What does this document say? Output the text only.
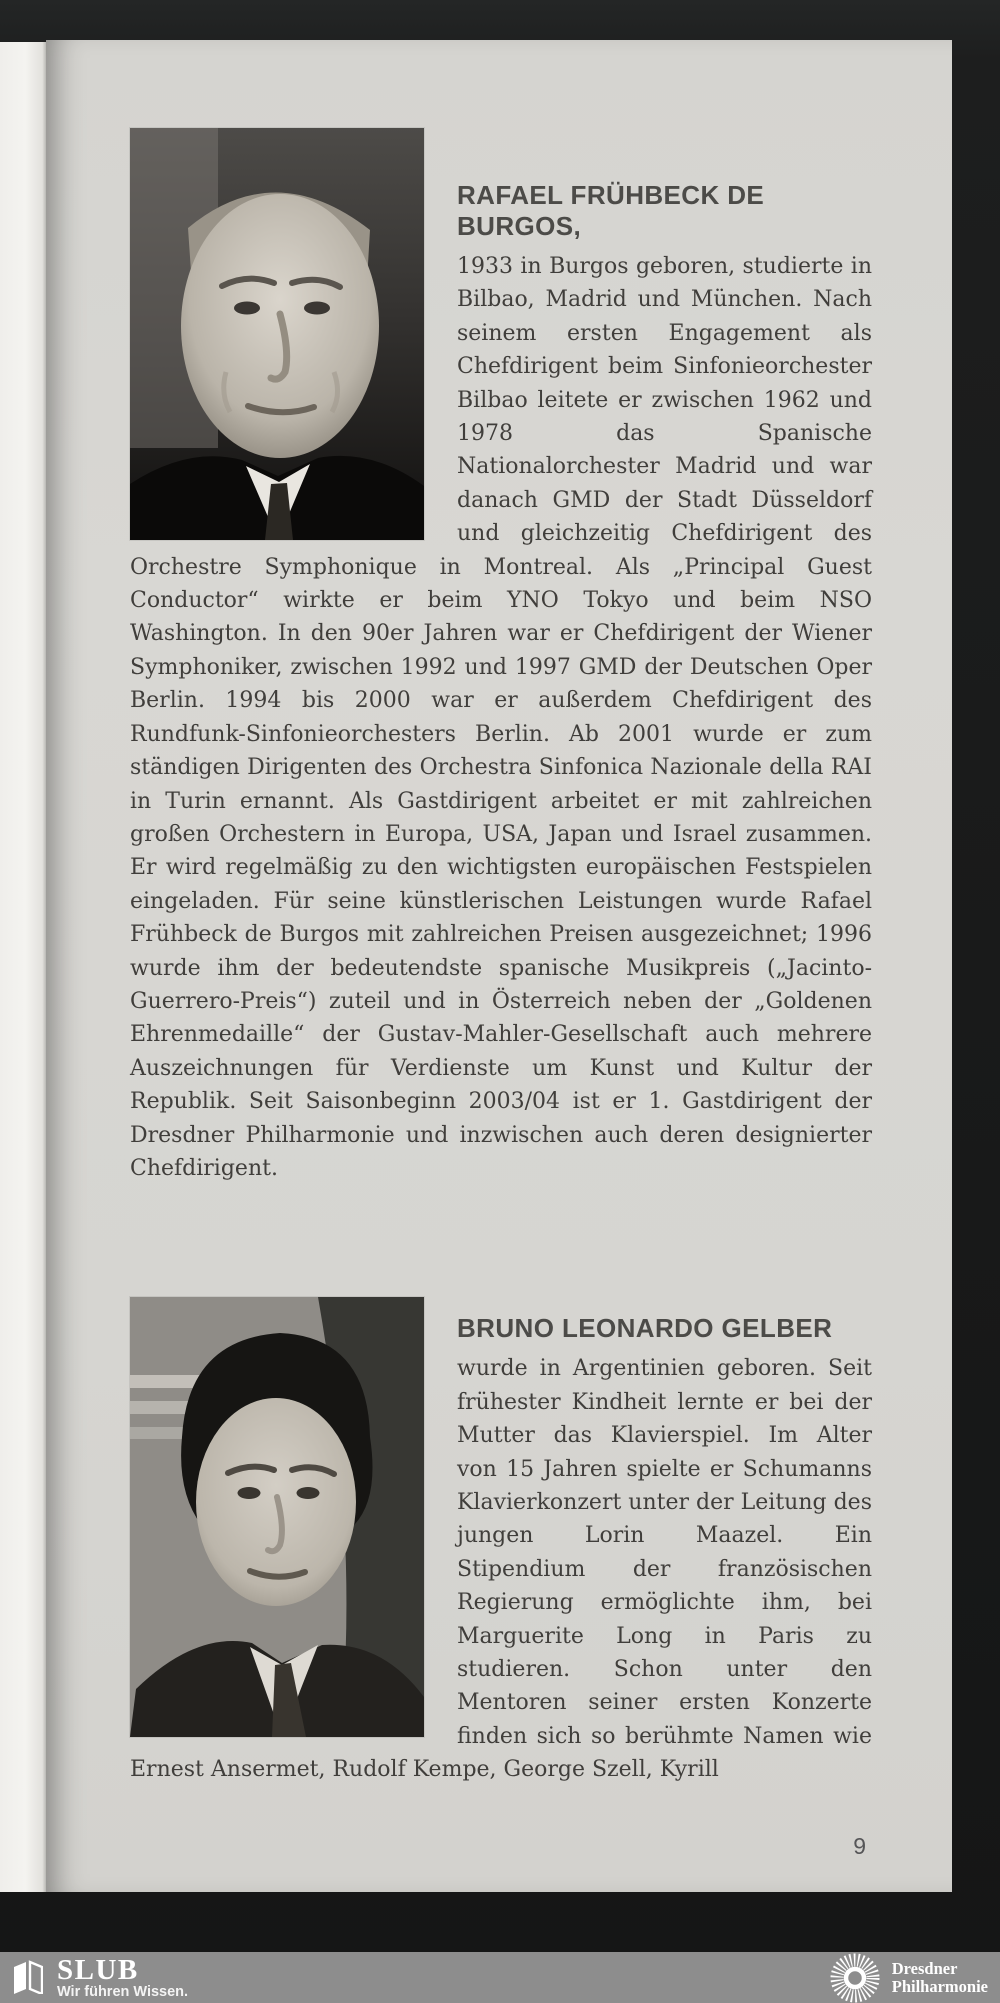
RAFAEL FRÜHBECK DE BURGOS,

1933 in Burgos geboren, studierte in Bilbao, Madrid und München. Nach seinem ersten Engagement als Chefdirigent beim Sinfonieorchester Bilbao leitete er zwischen 1962 und 1978 das Spanische Nationalorchester Madrid und war danach GMD der Stadt Düsseldorf und gleichzeitig Chefdirigent des Orchestre Symphonique in Montreal. Als „Principal Guest Conductor“ wirkte er beim YNO Tokyo und beim NSO Washington. In den 90er Jahren war er Chefdirigent der Wiener Symphoniker, zwischen 1992 und 1997 GMD der Deutschen Oper Berlin. 1994 bis 2000 war er außerdem Chefdirigent des Rundfunk-Sinfonieorchesters Berlin. Ab 2001 wurde er zum ständigen Dirigenten des Orchestra Sinfonica Nazionale della RAI in Turin ernannt. Als Gastdirigent arbeitet er mit zahlreichen großen Orchestern in Europa, USA, Japan und Israel zusammen. Er wird regelmäßig zu den wichtigsten europäischen Festspielen eingeladen. Für seine künstlerischen Leistungen wurde Rafael Frühbeck de Burgos mit zahlreichen Preisen ausgezeichnet; 1996 wurde ihm der bedeutendste spanische Musikpreis („Jacinto-Guerrero-Preis“) zuteil und in Österreich neben der „Goldenen Ehrenmedaille“ der Gustav-Mahler-Gesellschaft auch mehrere Auszeichnungen für Verdienste um Kunst und Kultur der Republik. Seit Saisonbeginn 2003/04 ist er 1. Gastdirigent der Dresdner Philharmonie und inzwischen auch deren designierter Chefdirigent.

BRUNO LEONARDO GELBER

wurde in Argentinien geboren. Seit frühester Kindheit lernte er bei der Mutter das Klavierspiel. Im Alter von 15 Jahren spielte er Schumanns Klavierkonzert unter der Leitung des jungen Lorin Maazel. Ein Stipendium der französischen Regierung ermöglichte ihm, bei Marguerite Long in Paris zu studieren. Schon unter den Mentoren seiner ersten Konzerte finden sich so berühmte Namen wie Ernest Ansermet, Rudolf Kempe, George Szell, Kyrill

9
SLUB
Wir führen Wissen.
Dresdner
Philharmonie
